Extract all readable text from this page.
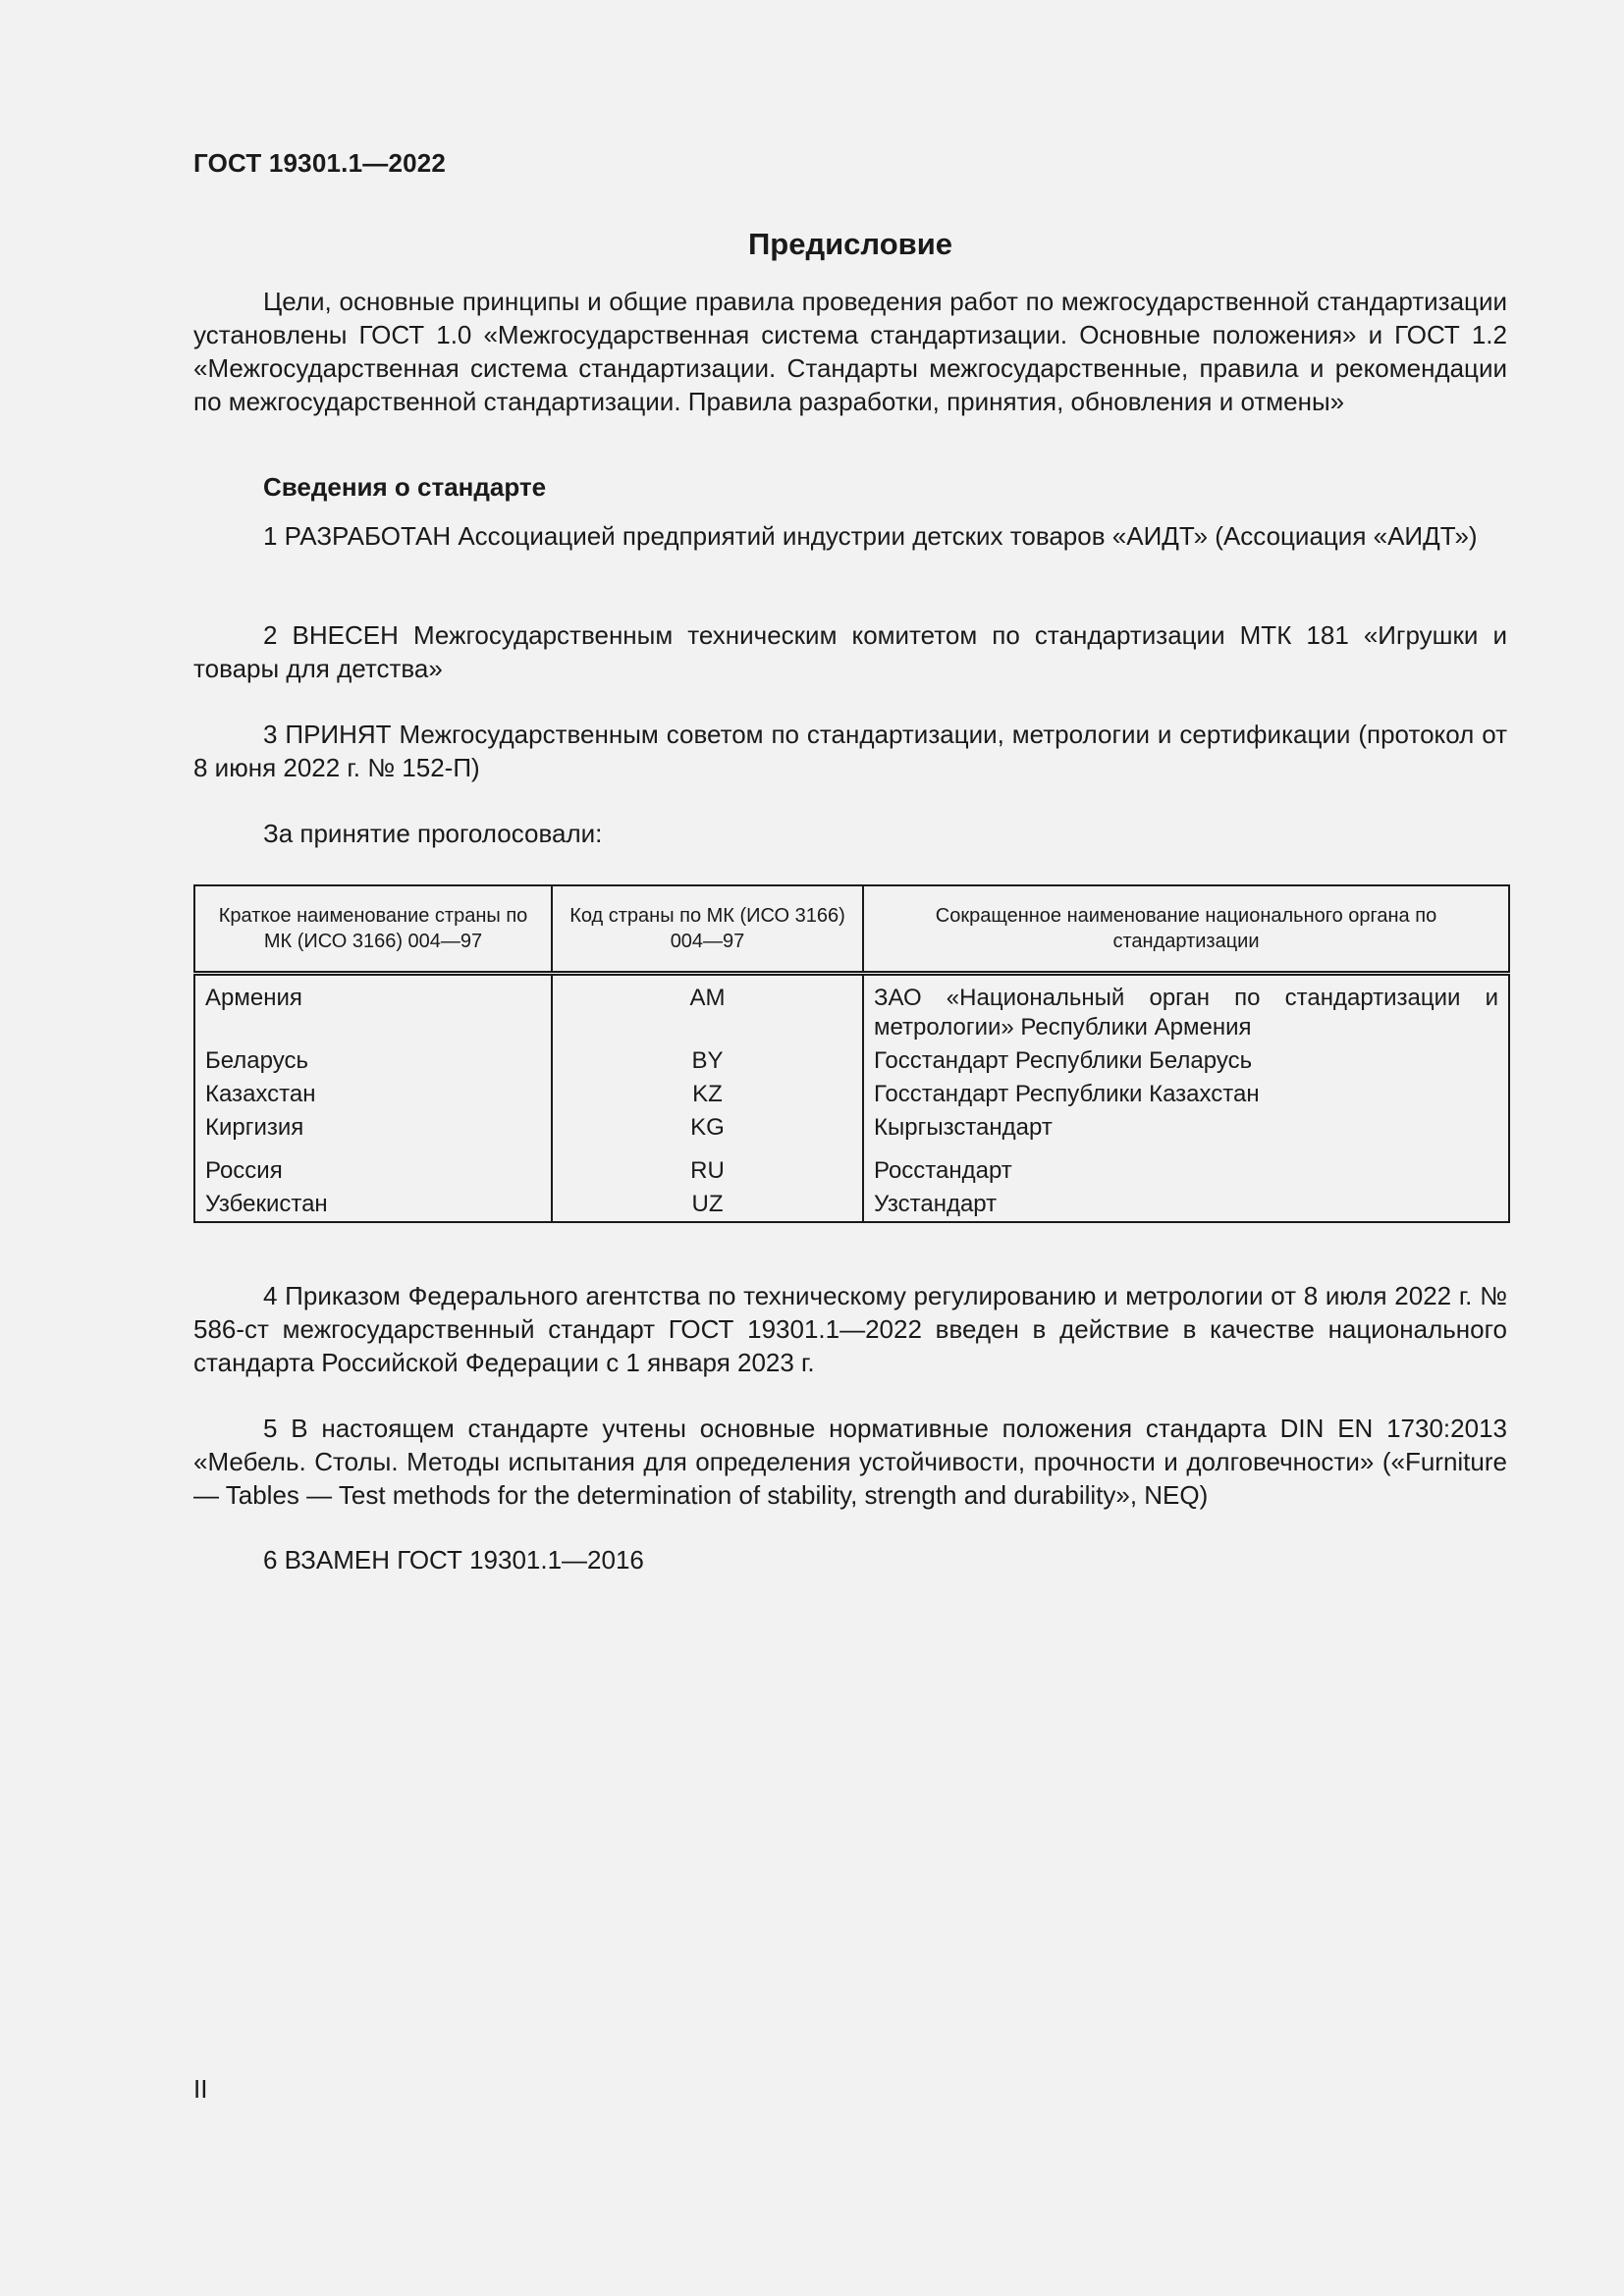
ГОСТ 19301.1—2022
Предисловие

Цели, основные принципы и общие правила проведения работ по межгосударственной стандартизации установлены ГОСТ 1.0 «Межгосударственная система стандартизации. Основные положения» и ГОСТ 1.2 «Межгосударственная система стандартизации. Стандарты межгосударственные, правила и рекомендации по межгосударственной стандартизации. Правила разработки, принятия, обновления и отмены»

Сведения о стандарте

1 РАЗРАБОТАН Ассоциацией предприятий индустрии детских товаров «АИДТ» (Ассоциация «АИДТ»)

2 ВНЕСЕН Межгосударственным техническим комитетом по стандартизации МТК 181 «Игрушки и товары для детства»

3 ПРИНЯТ Межгосударственным советом по стандартизации, метрологии и сертификации (протокол от 8 июня 2022 г. № 152-П)

За принятие проголосовали:

Краткое наименование страны по МК (ИСО 3166) 004—97	Код страны по МК (ИСО 3166) 004—97	Сокращенное наименование национального органа по стандартизации
Армения	AM	ЗАО «Национальный орган по стандартизации и метрологии» Республики Армения
Беларусь	BY	Госстандарт Республики Беларусь
Казахстан	KZ	Госстандарт Республики Казахстан
Киргизия	KG	Кыргызстандарт
Россия	RU	Росстандарт
Узбекистан	UZ	Узстандарт

4 Приказом Федерального агентства по техническому регулированию и метрологии от 8 июля 2022 г. № 586-ст межгосударственный стандарт ГОСТ 19301.1—2022 введен в действие в качестве национального стандарта Российской Федерации с 1 января 2023 г.

5 В настоящем стандарте учтены основные нормативные положения стандарта DIN EN 1730:2013 «Мебель. Столы. Методы испытания для определения устойчивости, прочности и долговечности» («Furniture — Tables — Test methods for the determination of stability, strength and durability», NEQ)

6 ВЗАМЕН ГОСТ 19301.1—2016

II
